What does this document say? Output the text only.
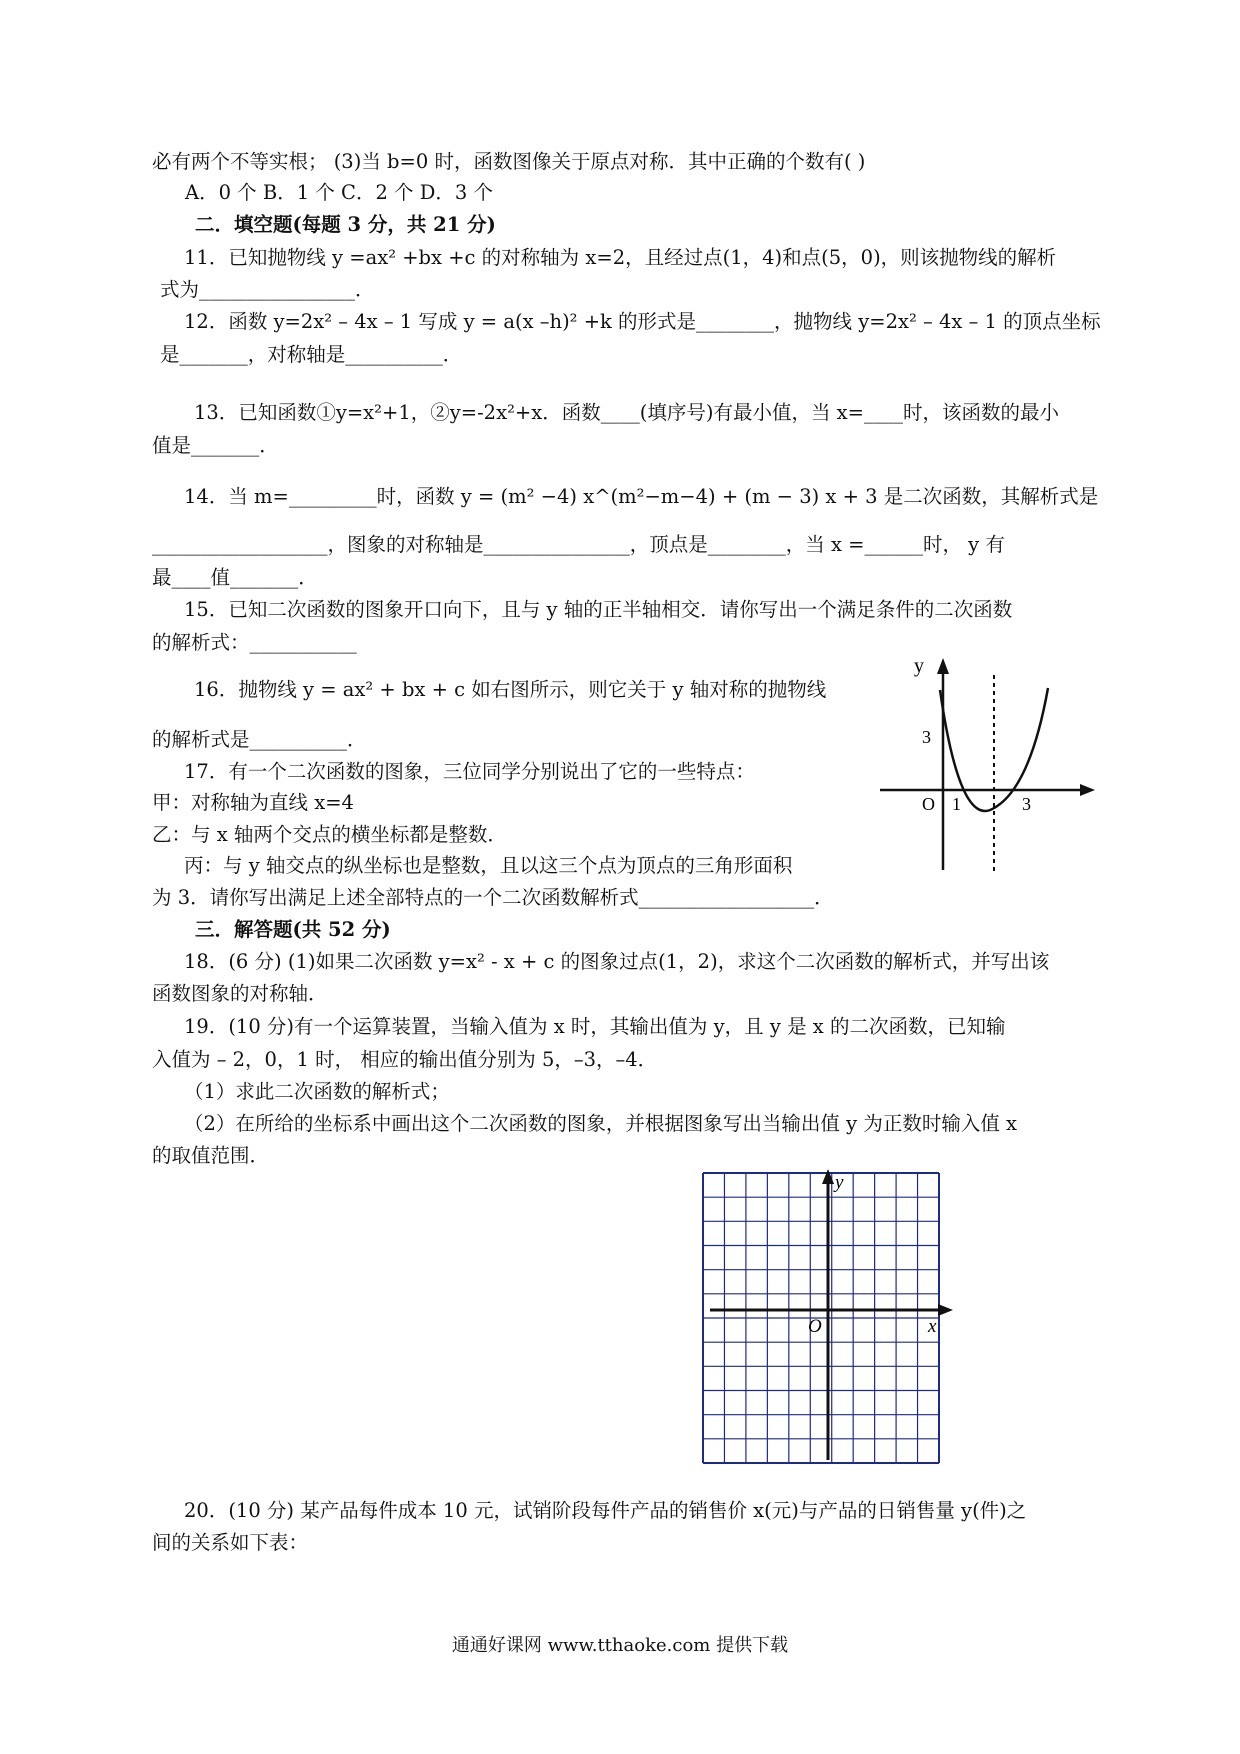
必有两个不等实根； (3)当 b=0 时，函数图像关于原点对称．其中正确的个数有( )
A．0 个 B．1 个 C．2 个 D．3 个
二．填空题(每题 3 分，共 21 分)
11．已知抛物线 y =ax² +bx +c 的对称轴为 x=2，且经过点(1，4)和点(5，0)，则该抛物线的解析
式为________________．
12．函数 y=2x² – 4x – 1 写成 y = a(x –h)² +k 的形式是________，抛物线 y=2x² – 4x – 1 的顶点坐标
是_______，对称轴是__________．
13．已知函数①y=x²+1，②y=-2x²+x．函数____(填序号)有最小值，当 x=____时，该函数的最小
值是_______．
14．当 m=_________时，函数 y = (m² −4) x^(m²−m−4) + (m − 3) x + 3 是二次函数，其解析式是
__________________，图象的对称轴是_______________，顶点是________，当 x =______时， y 有
最____值_______．
15．已知二次函数的图象开口向下，且与 y 轴的正半轴相交．请你写出一个满足条件的二次函数
的解析式：___________
16．抛物线 y = ax² + bx + c 如右图所示，则它关于 y 轴对称的抛物线
的解析式是__________．
17．有一个二次函数的图象，三位同学分别说出了它的一些特点：
甲：对称轴为直线 x=4
乙：与 x 轴两个交点的横坐标都是整数．
丙：与 y 轴交点的纵坐标也是整数，且以这三个点为顶点的三角形面积
为 3．请你写出满足上述全部特点的一个二次函数解析式__________________．
三．解答题(共 52 分)
18．(6 分) (1)如果二次函数 y=x² - x + c 的图象过点(1，2)，求这个二次函数的解析式，并写出该
函数图象的对称轴．
19．(10 分)有一个运算装置，当输入值为 x 时，其输出值为 y，且 y 是 x 的二次函数，已知输
入值为 – 2，0，1 时， 相应的输出值分别为 5，–3，–4．
（1）求此二次函数的解析式；
（2）在所给的坐标系中画出这个二次函数的图象，并根据图象写出当输出值 y 为正数时输入值 x
的取值范围．
20．(10 分) 某产品每件成本 10 元，试销阶段每件产品的销售价 x(元)与产品的日销售量 y(件)之
间的关系如下表：
y
3
O 1	3
y
x
O
通通好课网 www.tthaoke.com 提供下载
